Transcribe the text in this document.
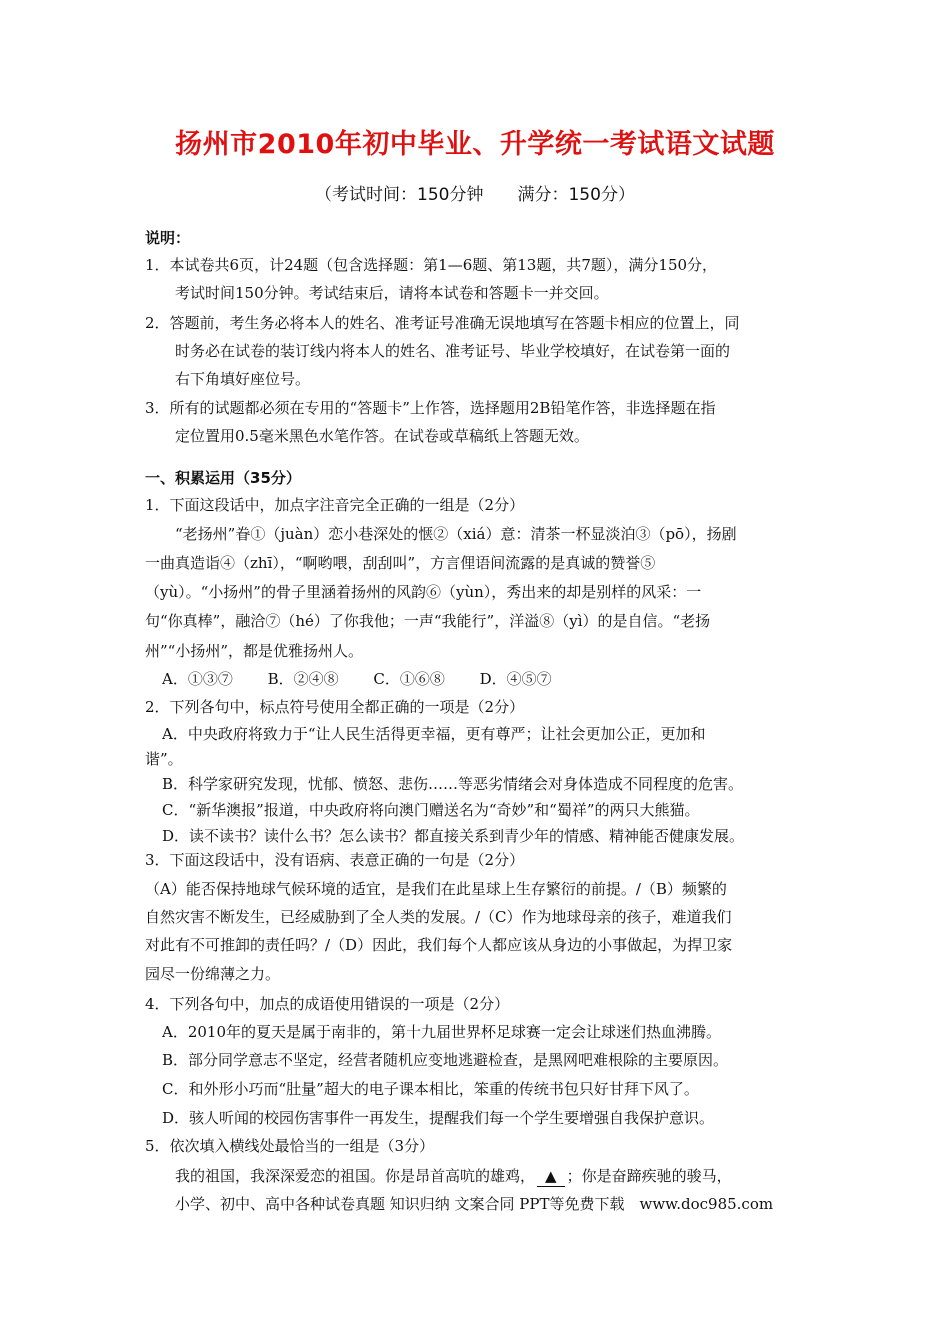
扬州市2010年初中毕业、升学统一考试语文试题
（考试时间：150分钟　　满分：150分）
说明：
1．本试卷共6页，计24题（包含选择题：第1—6题、第13题，共7题），满分150分，
考试时间150分钟。考试结束后，请将本试卷和答题卡一并交回。
2．答题前，考生务必将本人的姓名、准考证号准确无误地填写在答题卡相应的位置上，同
时务必在试卷的装订线内将本人的姓名、准考证号、毕业学校填好，在试卷第一面的
右下角填好座位号。
3．所有的试题都必须在专用的“答题卡”上作答，选择题用2B铅笔作答，非选择题在指
定位置用0.5毫米黑色水笔作答。在试卷或草稿纸上答题无效。
一、积累运用（35分）
1．下面这段话中，加点字注音完全正确的一组是（2分）
“老扬州”眷①（juàn）恋小巷深处的惬②（xiá）意：清茶一杯显淡泊③（pō），扬剧
一曲真造诣④（zhī），“啊哟喂，刮刮叫”，方言俚语间流露的是真诚的赞誉⑤
（yù）。“小扬州”的骨子里涵着扬州的风韵⑥（yùn），秀出来的却是别样的风采：一
句“你真棒”，融洽⑦（hé）了你我他；一声“我能行”，洋溢⑧（yì）的是自信。“老扬
州”“小扬州”，都是优雅扬州人。
A．①③⑦　　 B．②④⑧　　 C．①⑥⑧　　 D．④⑤⑦
2．下列各句中，标点符号使用全都正确的一项是（2分）
A．中央政府将致力于“让人民生活得更幸福，更有尊严；让社会更加公正，更加和
谐”。
B．科学家研究发现，忧郁、愤怒、悲伤……等恶劣情绪会对身体造成不同程度的危害。
C．“新华澳报”报道，中央政府将向澳门赠送名为“奇妙”和“蜀祥”的两只大熊猫。
D．读不读书？读什么书？怎么读书？都直接关系到青少年的情感、精神能否健康发展。
3．下面这段话中，没有语病、表意正确的一句是（2分）
（A）能否保持地球气候环境的适宜，是我们在此星球上生存繁衍的前提。/（B）频繁的
自然灾害不断发生，已经威胁到了全人类的发展。/（C）作为地球母亲的孩子，难道我们
对此有不可推卸的责任吗？/（D）因此，我们每个人都应该从身边的小事做起，为捍卫家
园尽一份绵薄之力。
4．下列各句中，加点的成语使用错误的一项是（2分）
A．2010年的夏天是属于南非的，第十九届世界杯足球赛一定会让球迷们热血沸腾。
B．部分同学意志不坚定，经营者随机应变地逃避检查，是黑网吧难根除的主要原因。
C．和外形小巧而“肚量”超大的电子课本相比，笨重的传统书包只好甘拜下风了。
D．骇人听闻的校园伤害事件一再发生，提醒我们每一个学生要增强自我保护意识。
5．依次填入横线处最恰当的一组是（3分）
我的祖国，我深深爱恋的祖国。你是昂首高吭的雄鸡， ▲ ；你是奋蹄疾驰的骏马，
小学、初中、高中各种试卷真题 知识归纳 文案合同 PPT等免费下载　www.doc985.com
